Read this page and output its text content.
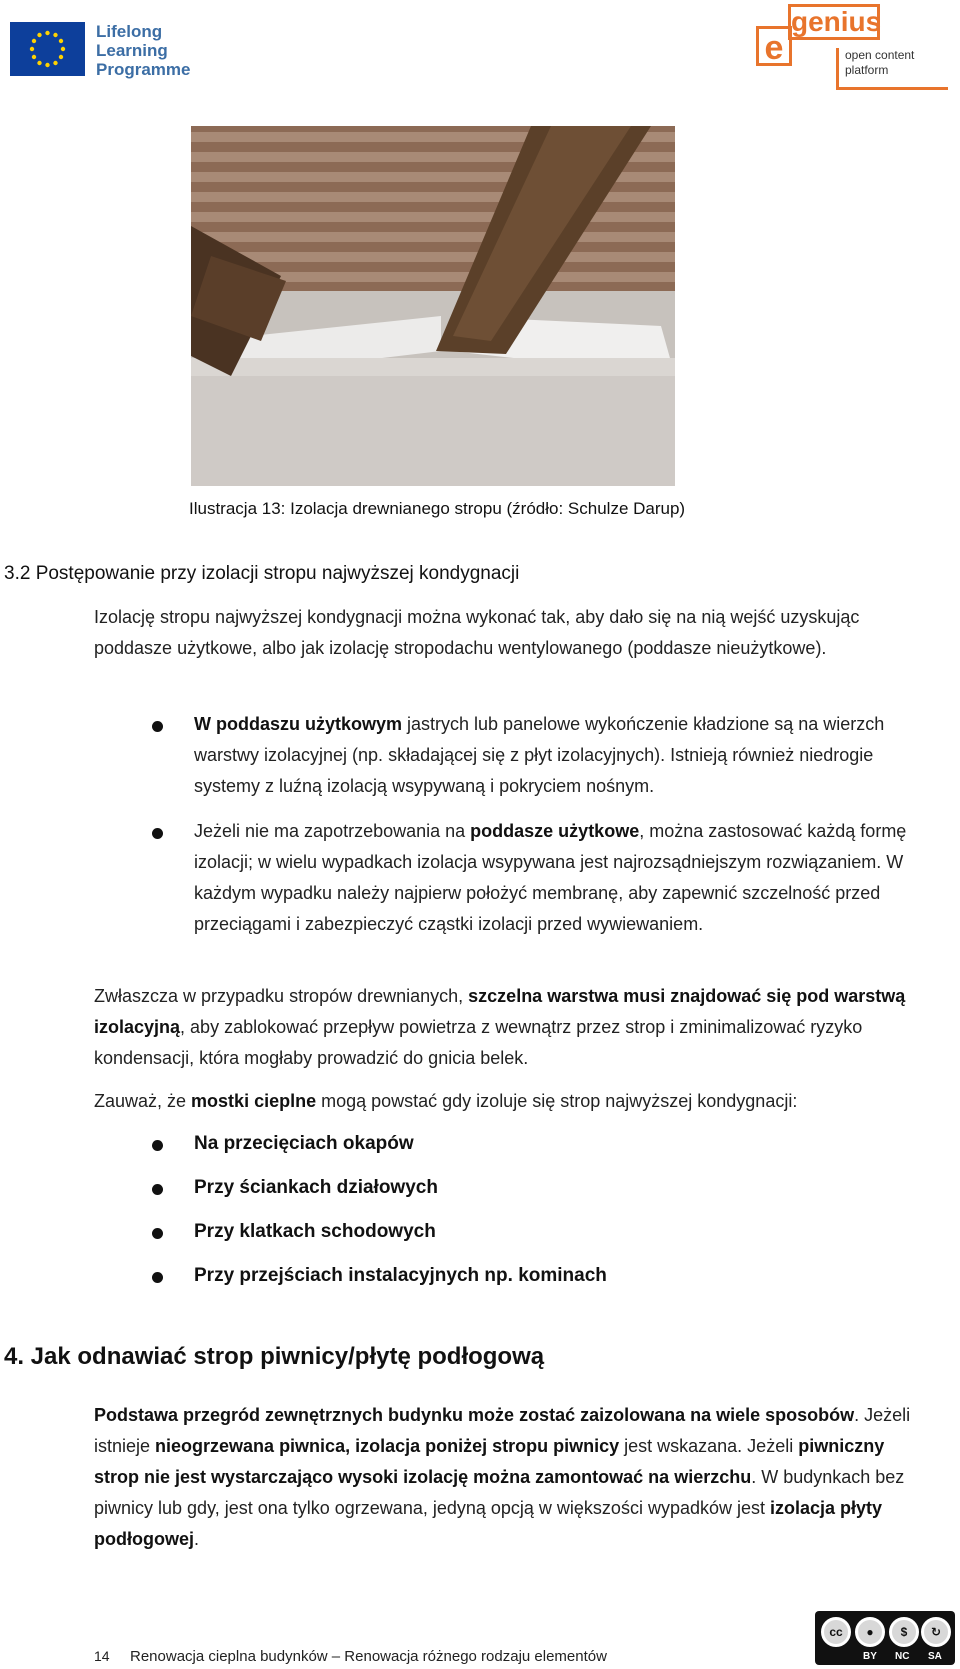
Lifelong
Learning
Programme
e
genius
open content
platform
Ilustracja 13: Izolacja drewnianego stropu (źródło: Schulze Darup)
3.2 Postępowanie przy izolacji stropu najwyższej kondygnacji
Izolację stropu najwyższej kondygnacji można wykonać tak, aby dało się na nią wejść uzyskując poddasze użytkowe, albo jak izolację stropodachu wentylowanego (poddasze nieużytkowe).
W poddaszu użytkowym jastrych lub panelowe wykończenie kładzione są na wierzch warstwy izolacyjnej (np. składającej się z płyt izolacyjnych). Istnieją również niedrogie systemy z luźną izolacją wsypywaną i pokryciem nośnym.
Jeżeli nie ma zapotrzebowania na poddasze użytkowe, można zastosować każdą formę izolacji; w wielu wypadkach izolacja wsypywana jest najrozsądniejszym rozwiązaniem. W każdym wypadku należy najpierw położyć membranę, aby zapewnić szczelność przed przeciągami i zabezpieczyć cząstki izolacji przed wywiewaniem.
Zwłaszcza w przypadku stropów drewnianych, szczelna warstwa musi znajdować się pod warstwą izolacyjną, aby zablokować przepływ powietrza z wewnątrz przez strop i zminimalizować ryzyko kondensacji, która mogłaby prowadzić do gnicia belek.
Zauważ, że mostki cieplne mogą powstać gdy izoluje się strop najwyższej kondygnacji:
Na przecięciach okapów
Przy ściankach działowych
Przy klatkach schodowych
Przy przejściach instalacyjnych np. kominach
4. Jak odnawiać strop piwnicy/płytę podłogową
Podstawa przegród zewnętrznych budynku może zostać zaizolowana na wiele sposobów. Jeżeli istnieje nieogrzewana piwnica, izolacja poniżej stropu piwnicy jest wskazana. Jeżeli piwniczny strop nie jest wystarczająco wysoki izolację można zamontować na wierzchu. W budynkach bez piwnicy lub gdy, jest ona tylko ogrzewana, jedyną opcją w większości wypadków jest izolacja płyty podłogowej.
14 Renowacja cieplna budynków – Renowacja różnego rodzaju elementów
cc	●	$	↻
BY NC SA
